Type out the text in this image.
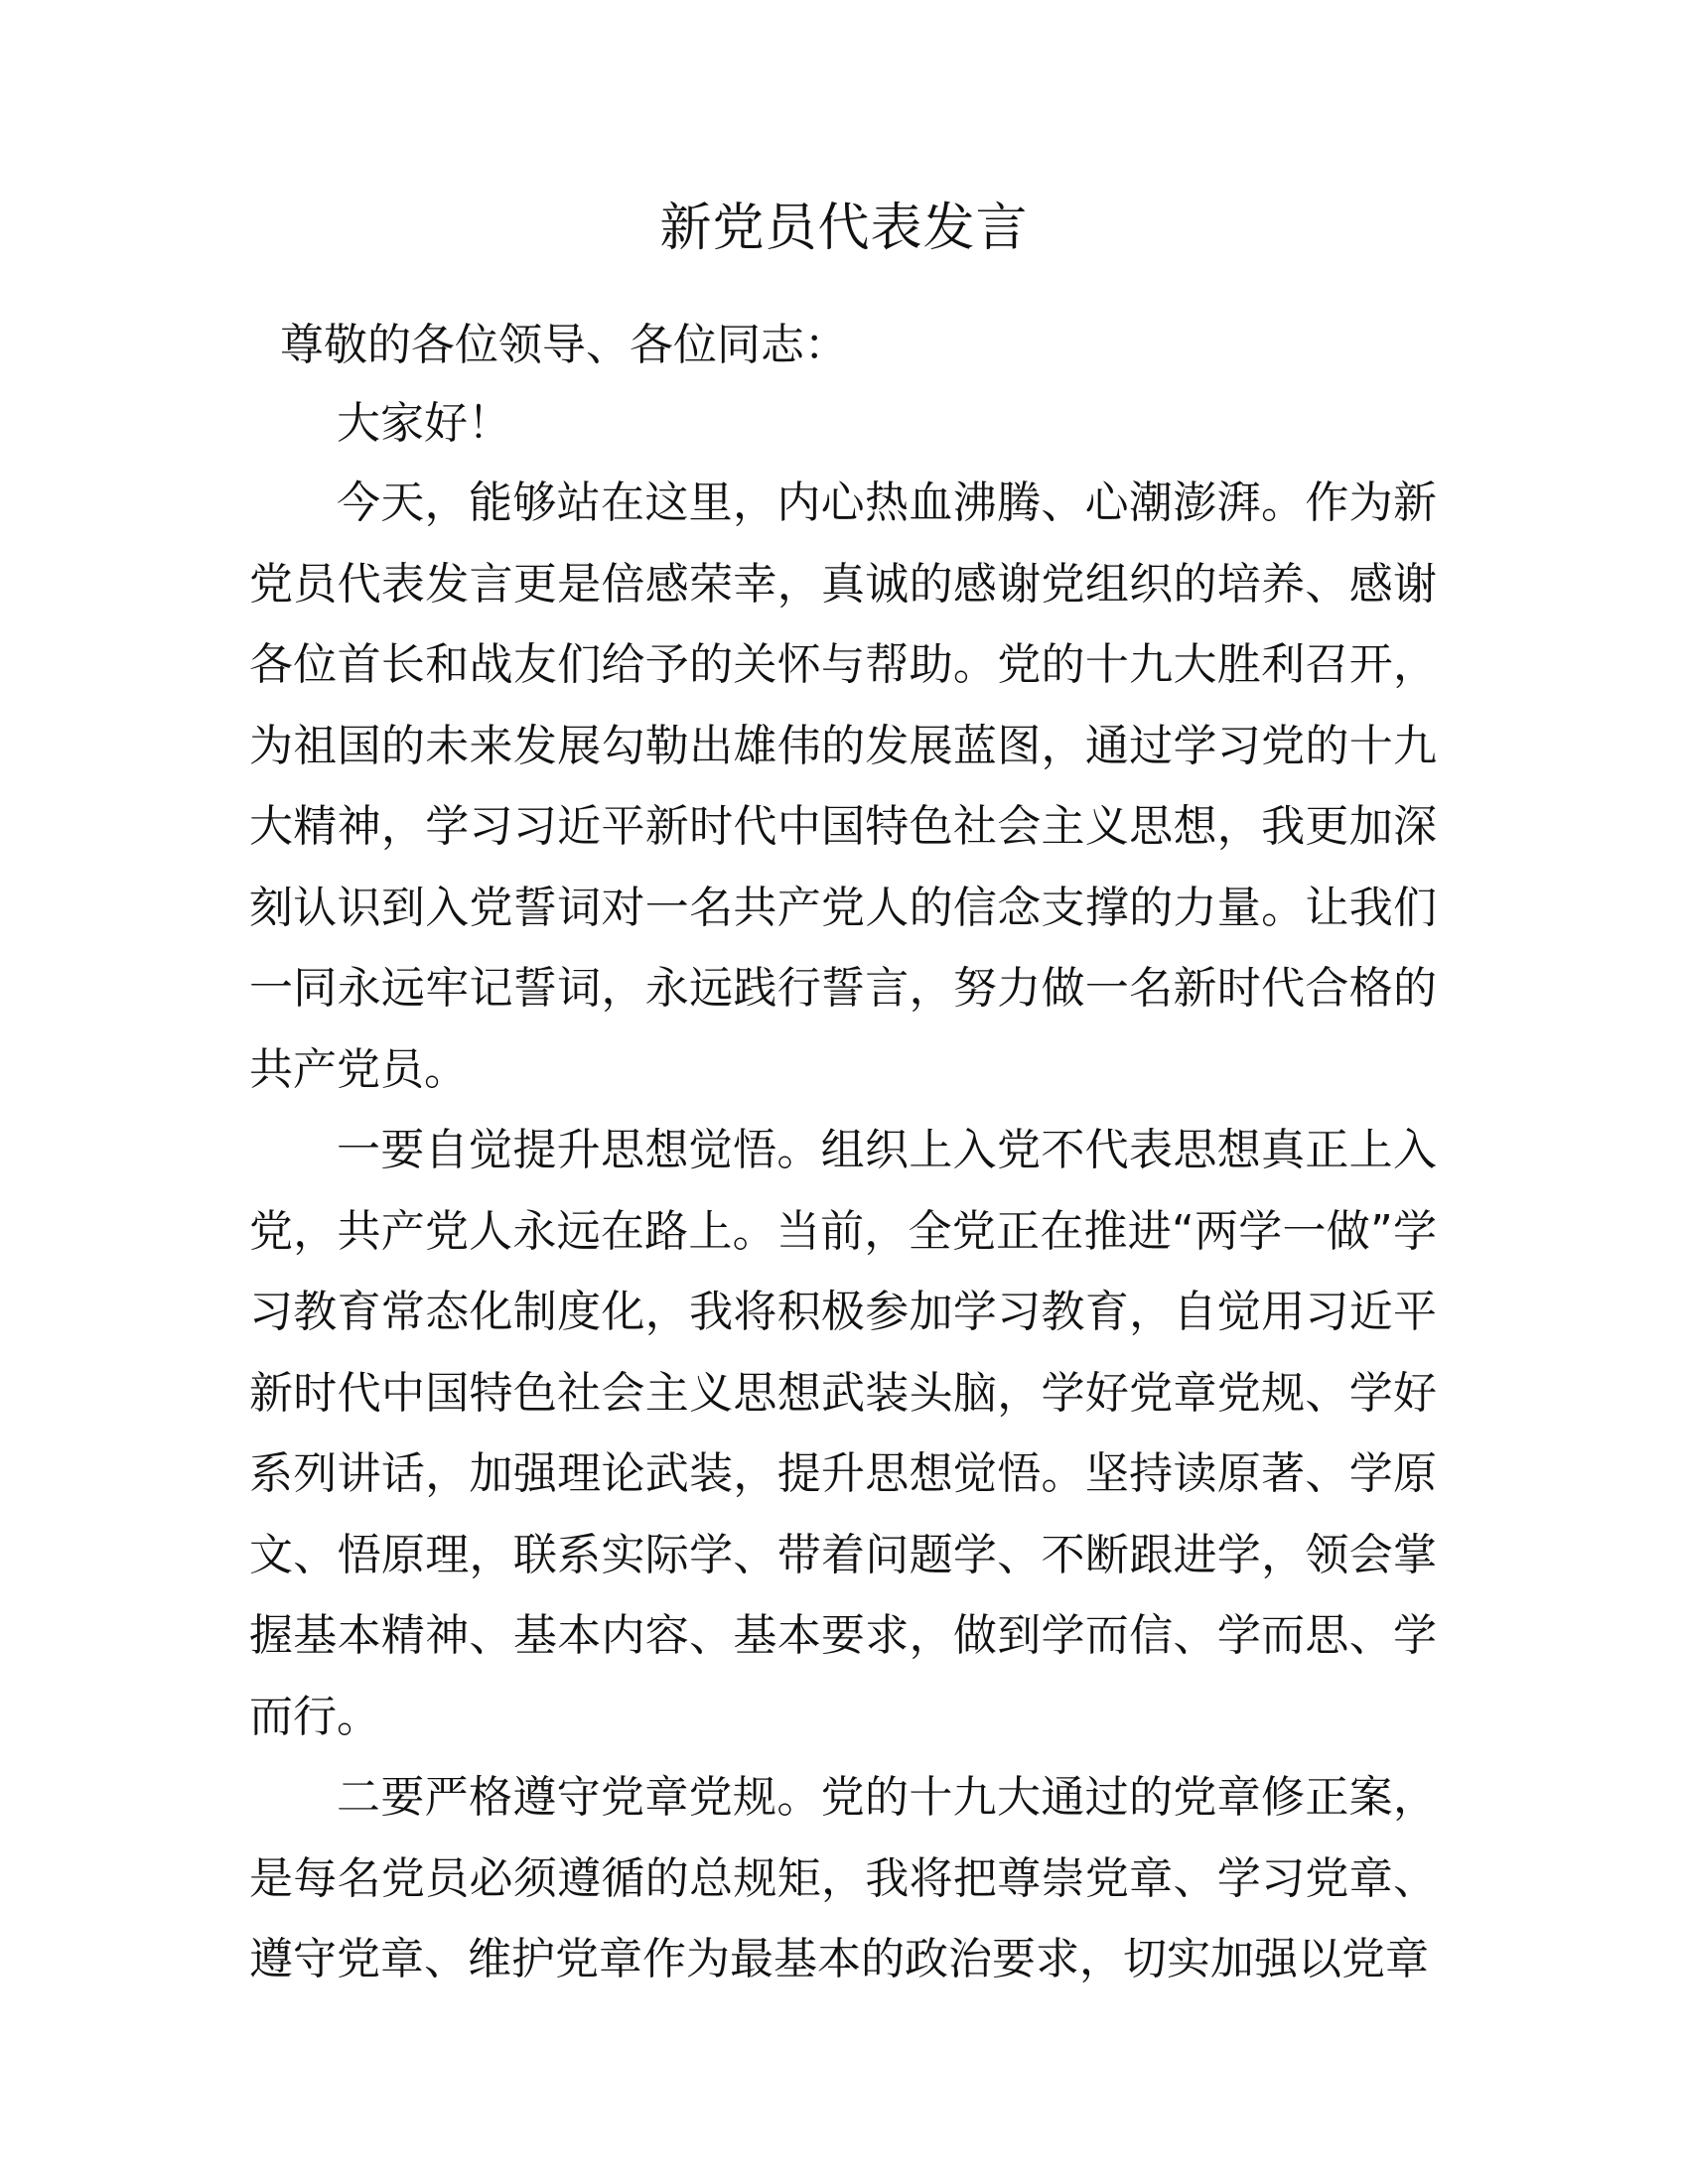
新党员代表发言

尊敬的各位领导、各位同志：

大家好！

今天，能够站在这里，内心热血沸腾、心潮澎湃。作为新党员代表发言更是倍感荣幸，真诚的感谢党组织的培养、感谢各位首长和战友们给予的关怀与帮助。党的十九大胜利召开，为祖国的未来发展勾勒出雄伟的发展蓝图，通过学习党的十九大精神，学习习近平新时代中国特色社会主义思想，我更加深刻认识到入党誓词对一名共产党人的信念支撑的力量。让我们一同永远牢记誓词，永远践行誓言，努力做一名新时代合格的共产党员。

一要自觉提升思想觉悟。组织上入党不代表思想真正上入党，共产党人永远在路上。当前，全党正在推进“两学一做”学习教育常态化制度化，我将积极参加学习教育，自觉用习近平新时代中国特色社会主义思想武装头脑，学好党章党规、学好系列讲话，加强理论武装，提升思想觉悟。坚持读原著、学原文、悟原理，联系实际学、带着问题学、不断跟进学，领会掌握基本精神、基本内容、基本要求，做到学而信、学而思、学而行。

二要严格遵守党章党规。党的十九大通过的党章修正案，是每名党员必须遵循的总规矩，我将把尊崇党章、学习党章、遵守党章、维护党章作为最基本的政治要求，切实加强以党章
